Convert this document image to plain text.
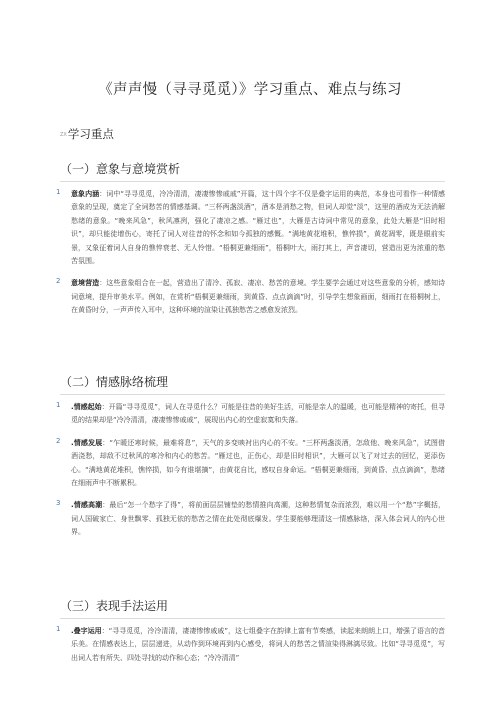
《声声慢（寻寻觅觅）》学习重点、难点与练习
ZX学习重点
（一）意象与意境赏析
1 意象内涵：词中“寻寻觅觅，冷冷清清，凄凄惨惨戚戚”开篇，这十四个字不仅是叠字运用的典范，本身也可看作一种情感意象的呈现，奠定了全词愁苦的情感基调。“三杯两盏淡酒”，酒本是消愁之物，但词人却觉“淡”，这里的酒成为无法消解愁绪的意象。“晚来风急”，秋风凛冽，强化了凄凉之感。“雁过也”，大雁是古诗词中常见的意象，此处大雁是“旧时相识”，却只能徒增伤心，寄托了词人对往昔的怀念和如今孤独的感慨。“满地黄花堆积，憔悴损”，黄花凋零，既是眼前实景，又象征着词人自身的憔悴衰老、无人怜惜。“梧桐更兼细雨”，梧桐叶大，雨打其上，声音凄切，营造出更为浓重的愁苦氛围。

2 意境营造：这些意象组合在一起，营造出了清冷、孤寂、凄凉、愁苦的意境。学生要学会通过对这些意象的分析，感知诗词意境，提升审美水平。例如，在赏析“梧桐更兼细雨，到黄昏、点点滴滴”时，引导学生想象画面，细雨打在梧桐树上，在黄昏时分，一声声传入耳中，这种环境的渲染让孤独愁苦之感愈发浓烈。

（二）情感脉络梳理
1 .情感起始：开篇“寻寻觅觅”，词人在寻觅什么？可能是往昔的美好生活，可能是亲人的温暖，也可能是精神的寄托，但寻觅的结果却是“冷冷清清，凄凄惨惨戚戚”，展现出内心的空虚寂寞和失落。

2 .情感发展：“乍暖还寒时候，最难将息”，天气的多变映衬出内心的不安。“三杯两盏淡酒，怎敌他、晚来风急”，试图借酒浇愁，却敌不过秋风的寒冷和内心的愁苦。“雁过也，正伤心，却是旧时相识”，大雁可以飞了对过去的回忆，更添伤心。“满地黄花堆积，憔悴损，如今有谁堪摘”，由黄花自比，感叹自身命运。“梧桐更兼细雨，到黄昏、点点滴滴”，愁绪在细雨声中不断累积。

3 .情感高潮：最后“怎一个愁字了得”，将前面层层铺垫的愁情推向高潮，这种愁情复杂而浓烈，难以用一个“愁”字概括，词人国破家亡、身世飘零、孤独无依的愁苦之情在此处彻底爆发。学生要能够理清这一情感脉络，深入体会词人的内心世界。

（三）表现手法运用
1 .叠字运用：“寻寻觅觅，冷冷清清，凄凄惨惨戚戚”，这七组叠字在韵律上富有节奏感，读起来朗朗上口，增强了语言的音乐美。在情感表达上，层层递进，从动作到环境再到内心感受，将词人的愁苦之情渲染得淋漓尽致。比如“寻寻觅觅”，写出词人若有所失、四处寻找的动作和心态；“冷冷清清”
